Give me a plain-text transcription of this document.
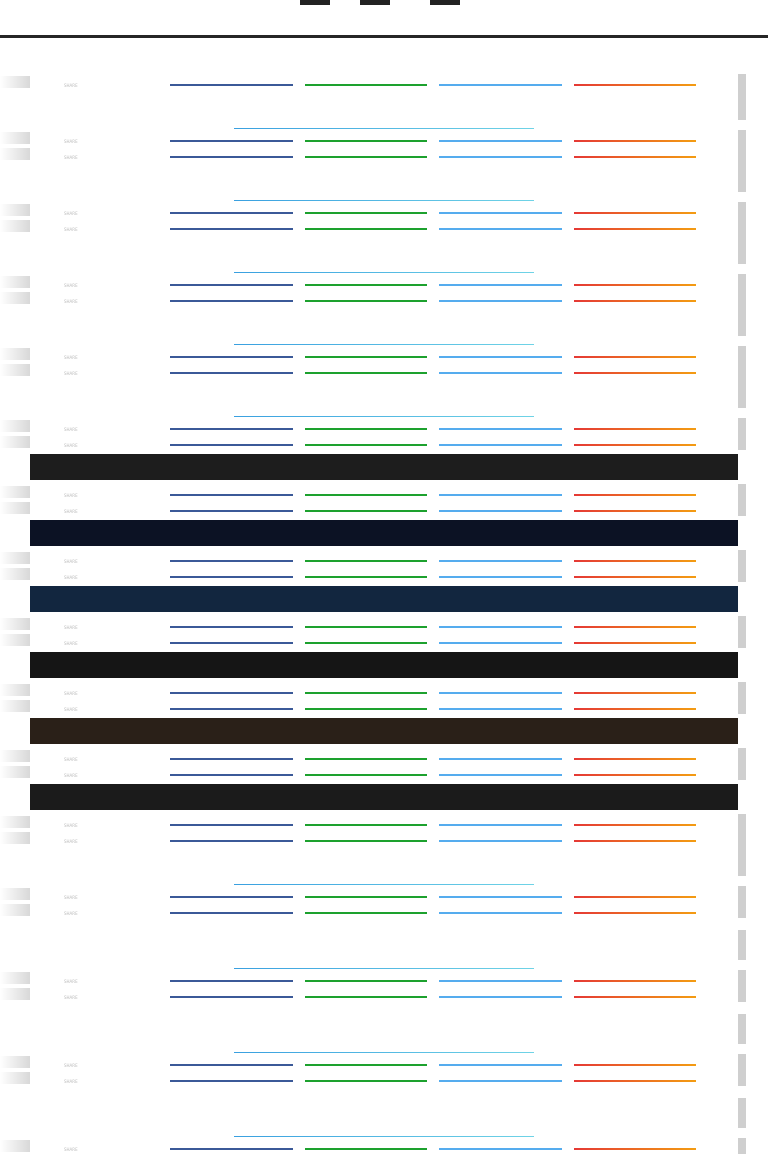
SHARE
SHARE
SHARE
SHARE
SHARE
SHARE
SHARE
SHARE
SHARE
SHARE
SHARE
SHARE
SHARE
SHARE
SHARE
SHARE
SHARE
SHARE
SHARE
SHARE
SHARE
SHARE
SHARE
SHARE
SHARE
SHARE
SHARE
SHARE
SHARE
SHARE
